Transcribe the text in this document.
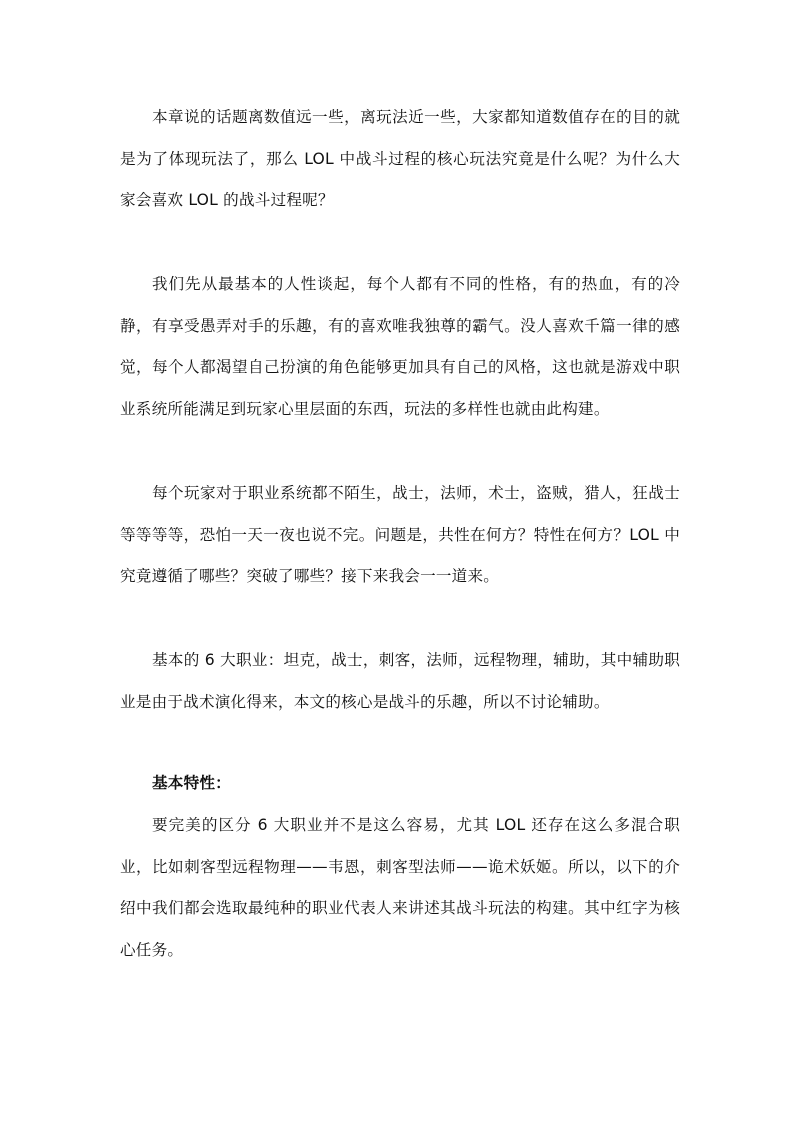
本章说的话题离数值远一些，离玩法近一些，大家都知道数值存在的目的就是为了体现玩法了，那么 LOL 中战斗过程的核心玩法究竟是什么呢？为什么大家会喜欢 LOL 的战斗过程呢？

我们先从最基本的人性谈起，每个人都有不同的性格，有的热血，有的冷静，有享受愚弄对手的乐趣，有的喜欢唯我独尊的霸气。没人喜欢千篇一律的感觉，每个人都渴望自己扮演的角色能够更加具有自己的风格，这也就是游戏中职业系统所能满足到玩家心里层面的东西，玩法的多样性也就由此构建。

每个玩家对于职业系统都不陌生，战士，法师，术士，盗贼，猎人，狂战士等等等等，恐怕一天一夜也说不完。问题是，共性在何方？特性在何方？LOL 中究竟遵循了哪些？突破了哪些？接下来我会一一道来。

基本的 6 大职业：坦克，战士，刺客，法师，远程物理，辅助，其中辅助职业是由于战术演化得来，本文的核心是战斗的乐趣，所以不讨论辅助。

基本特性：

要完美的区分 6 大职业并不是这么容易，尤其 LOL 还存在这么多混合职业，比如刺客型远程物理——韦恩，刺客型法师——诡术妖姬。所以，以下的介绍中我们都会选取最纯种的职业代表人来讲述其战斗玩法的构建。其中红字为核心任务。
